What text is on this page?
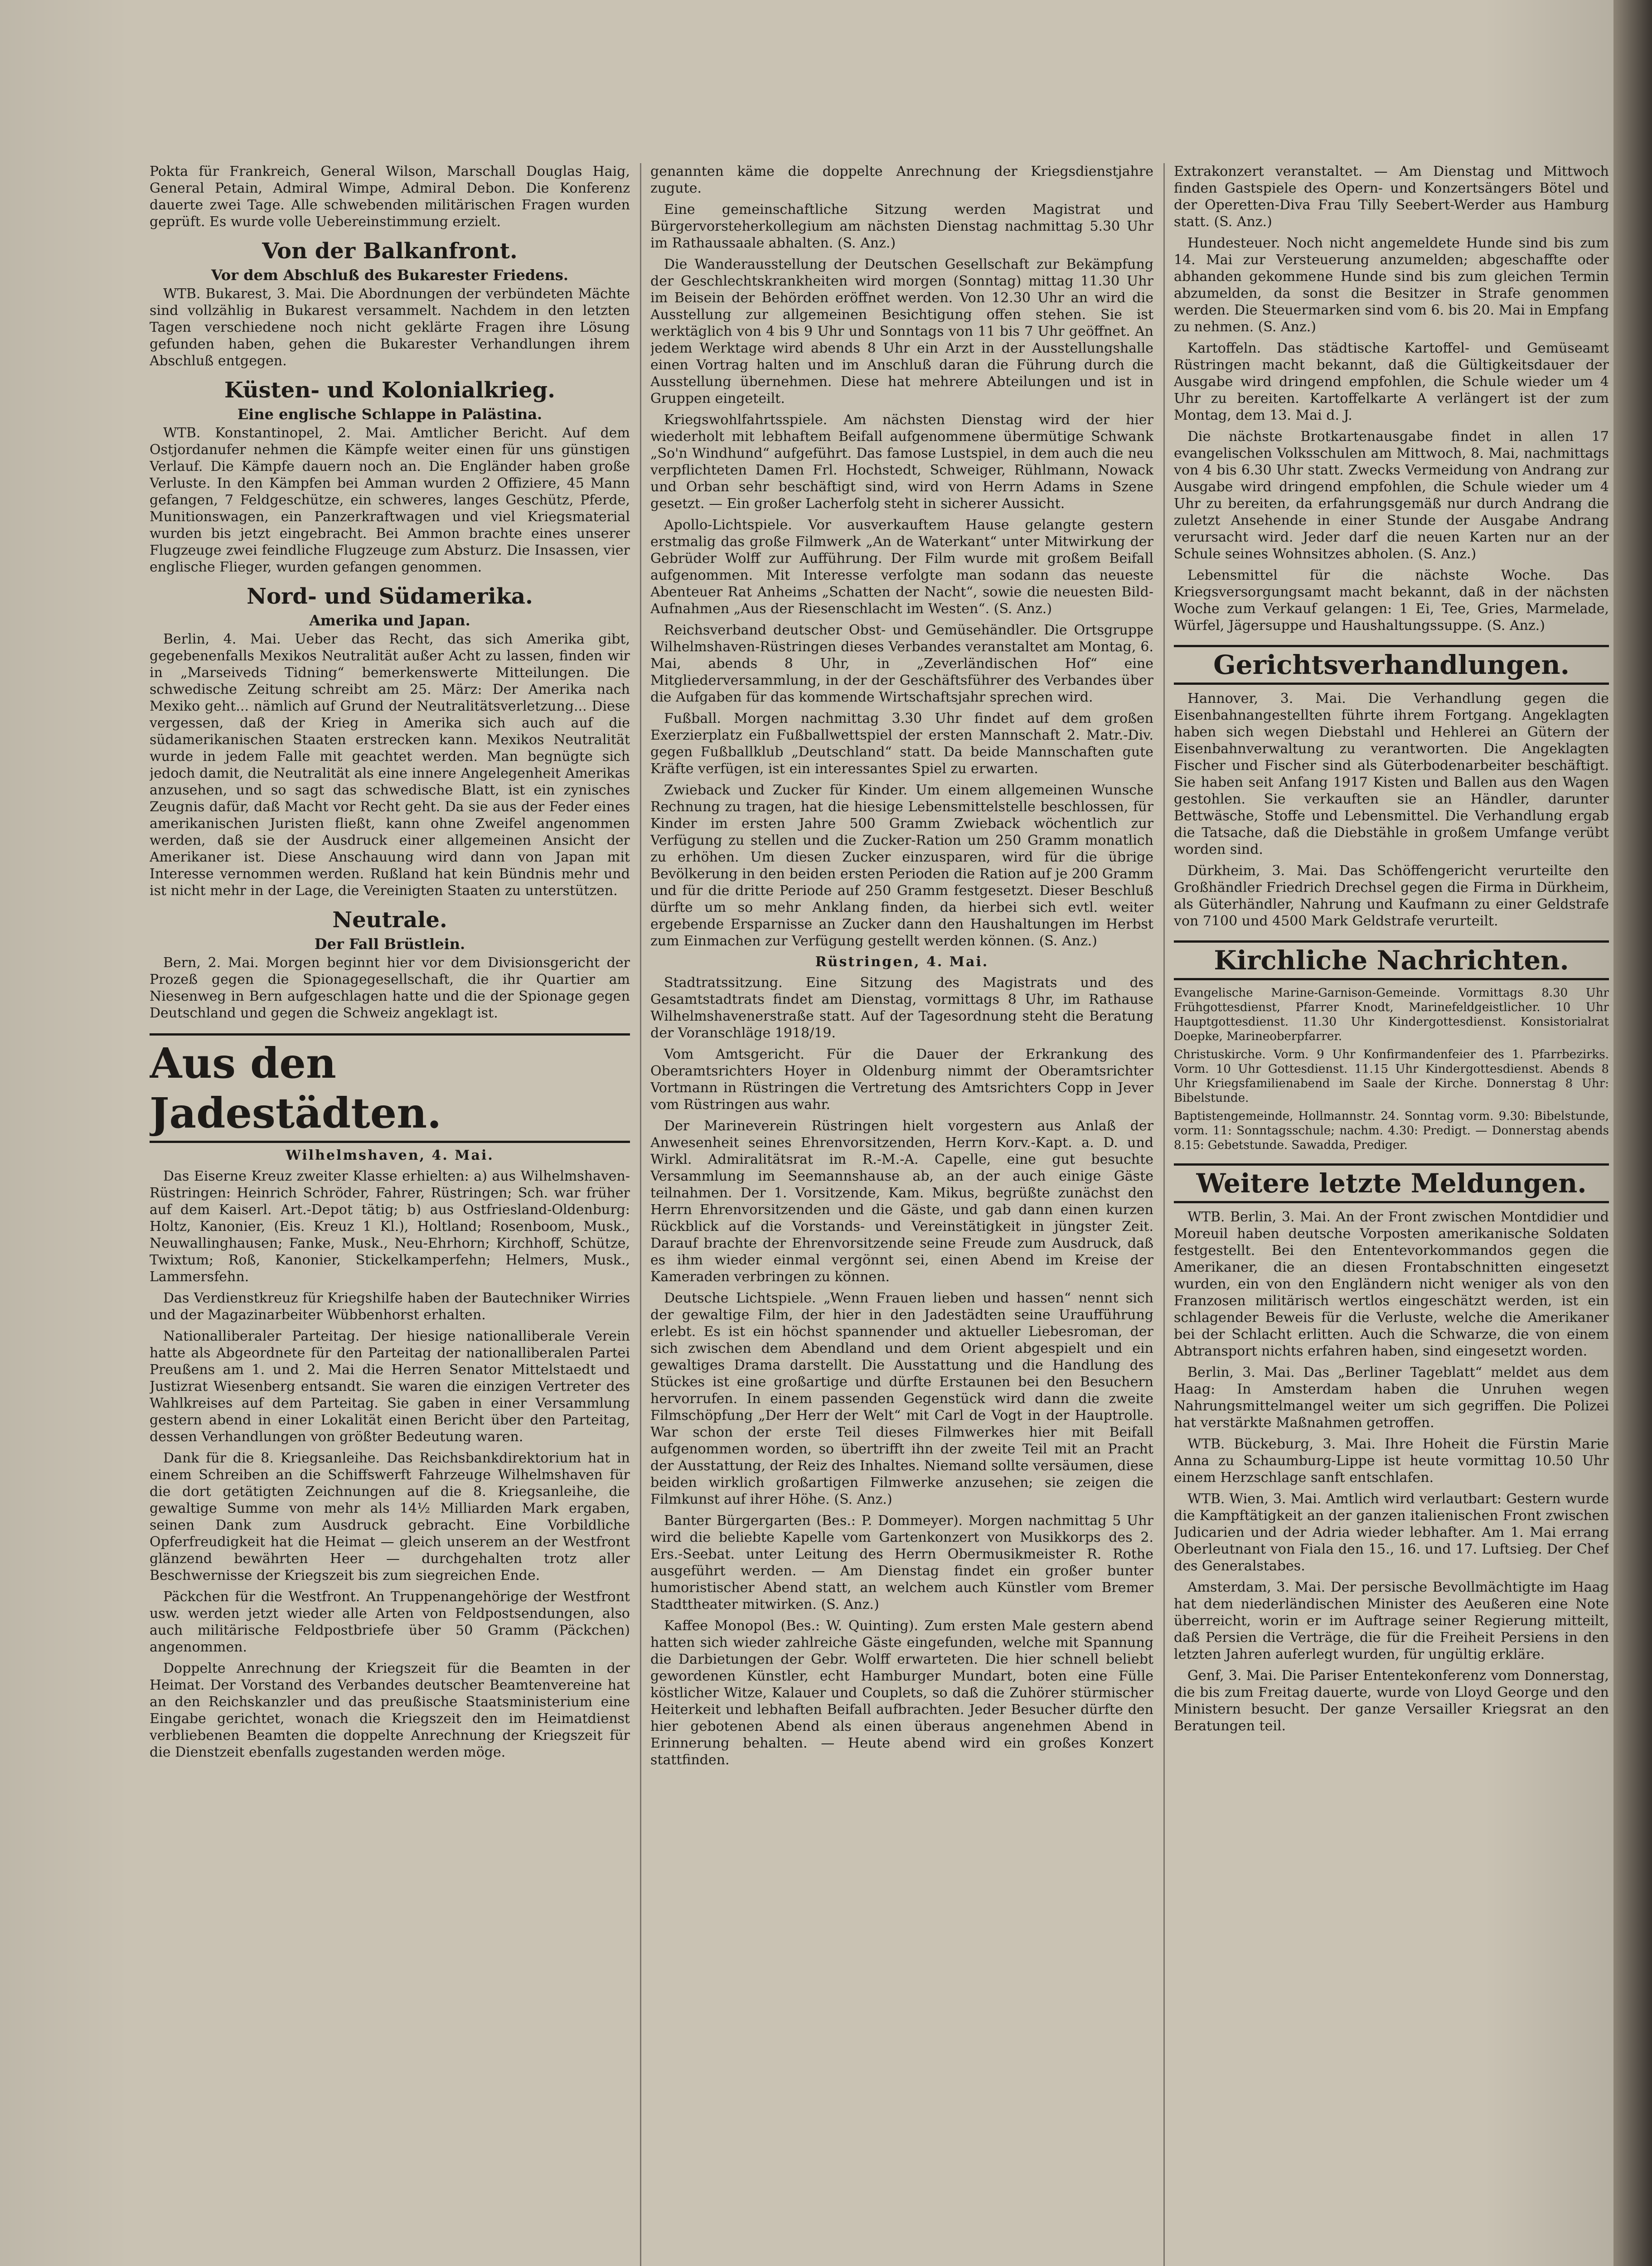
Pokta für Frankreich, General Wilson, Marschall Douglas Haig, General Petain, Admiral Wimpe, Admiral Debon. Die Konferenz dauerte zwei Tage. Alle schwebenden militärischen Fragen wurden geprüft. Es wurde volle Uebereinstimmung erzielt.

Von der Balkanfront.
Vor dem Abschluß des Bukarester Friedens.

WTB. Bukarest, 3. Mai. Die Abordnungen der verbündeten Mächte sind vollzählig in Bukarest versammelt. Nachdem in den letzten Tagen verschiedene noch nicht geklärte Fragen ihre Lösung gefunden haben, gehen die Bukarester Verhandlungen ihrem Abschluß entgegen.

Küsten- und Kolonialkrieg.
Eine englische Schlappe in Palästina.

WTB. Konstantinopel, 2. Mai. Amtlicher Bericht. Auf dem Ostjordanufer nehmen die Kämpfe weiter einen für uns günstigen Verlauf. Die Kämpfe dauern noch an. Die Engländer haben große Verluste. In den Kämpfen bei Amman wurden 2 Offiziere, 45 Mann gefangen, 7 Feldgeschütze, ein schweres, langes Geschütz, Pferde, Munitionswagen, ein Panzerkraftwagen und viel Kriegsmaterial wurden bis jetzt eingebracht. Bei Ammon brachte eines unserer Flugzeuge zwei feindliche Flugzeuge zum Absturz. Die Insassen, vier englische Flieger, wurden gefangen genommen.

Nord- und Südamerika.
Amerika und Japan.

Berlin, 4. Mai. Ueber das Recht, das sich Amerika gibt, gegebenenfalls Mexikos Neutralität außer Acht zu lassen, finden wir in „Marseiveds Tidning“ bemerkenswerte Mitteilungen. Die schwedische Zeitung schreibt am 25. März: Der Amerika nach Mexiko geht... nämlich auf Grund der Neutralitätsverletzung... Diese vergessen, daß der Krieg in Amerika sich auch auf die südamerikanischen Staaten erstrecken kann. Mexikos Neutralität wurde in jedem Falle mit geachtet werden. Man begnügte sich jedoch damit, die Neutralität als eine innere Angelegenheit Amerikas anzusehen, und so sagt das schwedische Blatt, ist ein zynisches Zeugnis dafür, daß Macht vor Recht geht. Da sie aus der Feder eines amerikanischen Juristen fließt, kann ohne Zweifel angenommen werden, daß sie der Ausdruck einer allgemeinen Ansicht der Amerikaner ist. Diese Anschauung wird dann von Japan mit Interesse vernommen werden. Rußland hat kein Bündnis mehr und ist nicht mehr in der Lage, die Vereinigten Staaten zu unterstützen.

Neutrale.
Der Fall Brüstlein.

Bern, 2. Mai. Morgen beginnt hier vor dem Divisionsgericht der Prozeß gegen die Spionagegesellschaft, die ihr Quartier am Niesenweg in Bern aufgeschlagen hatte und die der Spionage gegen Deutschland und gegen die Schweiz angeklagt ist.

Aus den Jadestädten.
Wilhelmshaven, 4. Mai.

Das Eiserne Kreuz zweiter Klasse erhielten: a) aus Wilhelmshaven-Rüstringen: Heinrich Schröder, Fahrer, Rüstringen; Sch. war früher auf dem Kaiserl. Art.-Depot tätig; b) aus Ostfriesland-Oldenburg: Holtz, Kanonier, (Eis. Kreuz 1 Kl.), Holtland; Rosenboom, Musk., Neuwallinghausen; Fanke, Musk., Neu-Ehrhorn; Kirchhoff, Schütze, Twixtum; Roß, Kanonier, Stickelkamperfehn; Helmers, Musk., Lammersfehn.

Das Verdienstkreuz für Kriegshilfe haben der Bautechniker Wirries und der Magazinarbeiter Wübbenhorst erhalten.

Nationalliberaler Parteitag. Der hiesige nationalliberale Verein hatte als Abgeordnete für den Parteitag der nationalliberalen Partei Preußens am 1. und 2. Mai die Herren Senator Mittelstaedt und Justizrat Wiesenberg entsandt. Sie waren die einzigen Vertreter des Wahlkreises auf dem Parteitag. Sie gaben in einer Versammlung gestern abend in einer Lokalität einen Bericht über den Parteitag, dessen Verhandlungen von größter Bedeutung waren.

Dank für die 8. Kriegsanleihe. Das Reichsbankdirektorium hat in einem Schreiben an die Schiffswerft Fahrzeuge Wilhelmshaven für die dort getätigten Zeichnungen auf die 8. Kriegsanleihe, die gewaltige Summe von mehr als 14½ Milliarden Mark ergaben, seinen Dank zum Ausdruck gebracht. Eine Vorbildliche Opferfreudigkeit hat die Heimat — gleich unserem an der Westfront glänzend bewährten Heer — durchgehalten trotz aller Beschwernisse der Kriegszeit bis zum siegreichen Ende.

Päckchen für die Westfront. An Truppenangehörige der Westfront usw. werden jetzt wieder alle Arten von Feldpostsendungen, also auch militärische Feldpostbriefe über 50 Gramm (Päckchen) angenommen.

Doppelte Anrechnung der Kriegszeit für die Beamten in der Heimat. Der Vorstand des Verbandes deutscher Beamtenvereine hat an den Reichskanzler und das preußische Staatsministerium eine Eingabe gerichtet, wonach die Kriegszeit den im Heimatdienst verbliebenen Beamten die doppelte Anrechnung der Kriegszeit für die Dienstzeit ebenfalls zugestanden werden möge.

genannten käme die doppelte Anrechnung der Kriegsdienstjahre zugute.

Eine gemeinschaftliche Sitzung werden Magistrat und Bürgervorsteherkollegium am nächsten Dienstag nachmittag 5.30 Uhr im Rathaussaale abhalten. (S. Anz.)

Die Wanderausstellung der Deutschen Gesellschaft zur Bekämpfung der Geschlechtskrankheiten wird morgen (Sonntag) mittag 11.30 Uhr im Beisein der Behörden eröffnet werden. Von 12.30 Uhr an wird die Ausstellung zur allgemeinen Besichtigung offen stehen. Sie ist werktäglich von 4 bis 9 Uhr und Sonntags von 11 bis 7 Uhr geöffnet. An jedem Werktage wird abends 8 Uhr ein Arzt in der Ausstellungshalle einen Vortrag halten und im Anschluß daran die Führung durch die Ausstellung übernehmen. Diese hat mehrere Abteilungen und ist in Gruppen eingeteilt.

Kriegswohlfahrtsspiele. Am nächsten Dienstag wird der hier wiederholt mit lebhaftem Beifall aufgenommene übermütige Schwank „So'n Windhund“ aufgeführt. Das famose Lustspiel, in dem auch die neu verpflichteten Damen Frl. Hochstedt, Schweiger, Rühlmann, Nowack und Orban sehr beschäftigt sind, wird von Herrn Adams in Szene gesetzt. — Ein großer Lacherfolg steht in sicherer Aussicht.

Apollo-Lichtspiele. Vor ausverkauftem Hause gelangte gestern erstmalig das große Filmwerk „An de Waterkant“ unter Mitwirkung der Gebrüder Wolff zur Aufführung. Der Film wurde mit großem Beifall aufgenommen. Mit Interesse verfolgte man sodann das neueste Abenteuer Rat Anheims „Schatten der Nacht“, sowie die neuesten Bild-Aufnahmen „Aus der Riesenschlacht im Westen“. (S. Anz.)

Reichsverband deutscher Obst- und Gemüsehändler. Die Ortsgruppe Wilhelmshaven-Rüstringen dieses Verbandes veranstaltet am Montag, 6. Mai, abends 8 Uhr, in „Zeverländischen Hof“ eine Mitgliederversammlung, in der der Geschäftsführer des Verbandes über die Aufgaben für das kommende Wirtschaftsjahr sprechen wird.

Fußball. Morgen nachmittag 3.30 Uhr findet auf dem großen Exerzierplatz ein Fußballwettspiel der ersten Mannschaft 2. Matr.-Div. gegen Fußballklub „Deutschland“ statt. Da beide Mannschaften gute Kräfte verfügen, ist ein interessantes Spiel zu erwarten.

Zwieback und Zucker für Kinder. Um einem allgemeinen Wunsche Rechnung zu tragen, hat die hiesige Lebensmittelstelle beschlossen, für Kinder im ersten Jahre 500 Gramm Zwieback wöchentlich zur Verfügung zu stellen und die Zucker-Ration um 250 Gramm monatlich zu erhöhen. Um diesen Zucker einzusparen, wird für die übrige Bevölkerung in den beiden ersten Perioden die Ration auf je 200 Gramm und für die dritte Periode auf 250 Gramm festgesetzt. Dieser Beschluß dürfte um so mehr Anklang finden, da hierbei sich evtl. weiter ergebende Ersparnisse an Zucker dann den Haushaltungen im Herbst zum Einmachen zur Verfügung gestellt werden können. (S. Anz.)

Rüstringen, 4. Mai.

Stadtratssitzung. Eine Sitzung des Magistrats und des Gesamtstadtrats findet am Dienstag, vormittags 8 Uhr, im Rathause Wilhelmshavenerstraße statt. Auf der Tagesordnung steht die Beratung der Voranschläge 1918/19.

Vom Amtsgericht. Für die Dauer der Erkrankung des Oberamtsrichters Hoyer in Oldenburg nimmt der Oberamtsrichter Vortmann in Rüstringen die Vertretung des Amtsrichters Copp in Jever vom Rüstringen aus wahr.

Der Marineverein Rüstringen hielt vorgestern aus Anlaß der Anwesenheit seines Ehrenvorsitzenden, Herrn Korv.-Kapt. a. D. und Wirkl. Admiralitätsrat im R.-M.-A. Capelle, eine gut besuchte Versammlung im Seemannshause ab, an der auch einige Gäste teilnahmen. Der 1. Vorsitzende, Kam. Mikus, begrüßte zunächst den Herrn Ehrenvorsitzenden und die Gäste, und gab dann einen kurzen Rückblick auf die Vorstands- und Vereinstätigkeit in jüngster Zeit. Darauf brachte der Ehrenvorsitzende seine Freude zum Ausdruck, daß es ihm wieder einmal vergönnt sei, einen Abend im Kreise der Kameraden verbringen zu können.

Deutsche Lichtspiele. „Wenn Frauen lieben und hassen“ nennt sich der gewaltige Film, der hier in den Jadestädten seine Uraufführung erlebt. Es ist ein höchst spannender und aktueller Liebesroman, der sich zwischen dem Abendland und dem Orient abgespielt und ein gewaltiges Drama darstellt. Die Ausstattung und die Handlung des Stückes ist eine großartige und dürfte Erstaunen bei den Besuchern hervorrufen. In einem passenden Gegenstück wird dann die zweite Filmschöpfung „Der Herr der Welt“ mit Carl de Vogt in der Hauptrolle. War schon der erste Teil dieses Filmwerkes hier mit Beifall aufgenommen worden, so übertrifft ihn der zweite Teil mit an Pracht der Ausstattung, der Reiz des Inhaltes. Niemand sollte versäumen, diese beiden wirklich großartigen Filmwerke anzusehen; sie zeigen die Filmkunst auf ihrer Höhe. (S. Anz.)

Banter Bürgergarten (Bes.: P. Dommeyer). Morgen nachmittag 5 Uhr wird die beliebte Kapelle vom Gartenkonzert von Musikkorps des 2. Ers.-Seebat. unter Leitung des Herrn Obermusikmeister R. Rothe ausgeführt werden. — Am Dienstag findet ein großer bunter humoristischer Abend statt, an welchem auch Künstler vom Bremer Stadttheater mitwirken. (S. Anz.)

Kaffee Monopol (Bes.: W. Quinting). Zum ersten Male gestern abend hatten sich wieder zahlreiche Gäste eingefunden, welche mit Spannung die Darbietungen der Gebr. Wolff erwarteten. Die hier schnell beliebt gewordenen Künstler, echt Hamburger Mundart, boten eine Fülle köstlicher Witze, Kalauer und Couplets, so daß die Zuhörer stürmischer Heiterkeit und lebhaften Beifall aufbrachten. Jeder Besucher dürfte den hier gebotenen Abend als einen überaus angenehmen Abend in Erinnerung behalten. — Heute abend wird ein großes Konzert stattfinden.

Extrakonzert veranstaltet. — Am Dienstag und Mittwoch finden Gastspiele des Opern- und Konzertsängers Bötel und der Operetten-Diva Frau Tilly Seebert-Werder aus Hamburg statt. (S. Anz.)

Hundesteuer. Noch nicht angemeldete Hunde sind bis zum 14. Mai zur Versteuerung anzumelden; abgeschaffte oder abhanden gekommene Hunde sind bis zum gleichen Termin abzumelden, da sonst die Besitzer in Strafe genommen werden. Die Steuermarken sind vom 6. bis 20. Mai in Empfang zu nehmen. (S. Anz.)

Kartoffeln. Das städtische Kartoffel- und Gemüseamt Rüstringen macht bekannt, daß die Gültigkeitsdauer der Ausgabe wird dringend empfohlen, die Schule wieder um 4 Uhr zu bereiten. Kartoffelkarte A verlängert ist der zum Montag, dem 13. Mai d. J.

Die nächste Brotkartenausgabe findet in allen 17 evangelischen Volksschulen am Mittwoch, 8. Mai, nachmittags von 4 bis 6.30 Uhr statt. Zwecks Vermeidung von Andrang zur Ausgabe wird dringend empfohlen, die Schule wieder um 4 Uhr zu bereiten, da erfahrungsgemäß nur durch Andrang die zuletzt Ansehende in einer Stunde der Ausgabe Andrang verursacht wird. Jeder darf die neuen Karten nur an der Schule seines Wohnsitzes abholen. (S. Anz.)

Lebensmittel für die nächste Woche. Das Kriegsversorgungsamt macht bekannt, daß in der nächsten Woche zum Verkauf gelangen: 1 Ei, Tee, Gries, Marmelade, Würfel, Jägersuppe und Haushaltungssuppe. (S. Anz.)

Gerichtsverhandlungen.

Hannover, 3. Mai. Die Verhandlung gegen die Eisenbahnangestellten führte ihrem Fortgang. Angeklagten haben sich wegen Diebstahl und Hehlerei an Gütern der Eisenbahnverwaltung zu verantworten. Die Angeklagten Fischer und Fischer sind als Güterbodenarbeiter beschäftigt. Sie haben seit Anfang 1917 Kisten und Ballen aus den Wagen gestohlen. Sie verkauften sie an Händler, darunter Bettwäsche, Stoffe und Lebensmittel. Die Verhandlung ergab die Tatsache, daß die Diebstähle in großem Umfange verübt worden sind.

Dürkheim, 3. Mai. Das Schöffengericht verurteilte den Großhändler Friedrich Drechsel gegen die Firma in Dürkheim, als Güterhändler, Nahrung und Kaufmann zu einer Geldstrafe von 7100 und 4500 Mark Geldstrafe verurteilt.

Kirchliche Nachrichten.

Evangelische Marine-Garnison-Gemeinde. Vormittags 8.30 Uhr Frühgottesdienst, Pfarrer Knodt, Marinefeldgeistlicher. 10 Uhr Hauptgottesdienst. 11.30 Uhr Kindergottesdienst. Konsistorialrat Doepke, Marineoberpfarrer.

Christuskirche. Vorm. 9 Uhr Konfirmandenfeier des 1. Pfarrbezirks. Vorm. 10 Uhr Gottesdienst. 11.15 Uhr Kindergottesdienst. Abends 8 Uhr Kriegsfamilienabend im Saale der Kirche. Donnerstag 8 Uhr: Bibelstunde.

Baptistengemeinde, Hollmannstr. 24. Sonntag vorm. 9.30: Bibelstunde, vorm. 11: Sonntagsschule; nachm. 4.30: Predigt. — Donnerstag abends 8.15: Gebetstunde. Sawadda, Prediger.

Weitere letzte Meldungen.

WTB. Berlin, 3. Mai. An der Front zwischen Montdidier und Moreuil haben deutsche Vorposten amerikanische Soldaten festgestellt. Bei den Ententevorkommandos gegen die Amerikaner, die an diesen Frontabschnitten eingesetzt wurden, ein von den Engländern nicht weniger als von den Franzosen militärisch wertlos eingeschätzt werden, ist ein schlagender Beweis für die Verluste, welche die Amerikaner bei der Schlacht erlitten. Auch die Schwarze, die von einem Abtransport nichts erfahren haben, sind eingesetzt worden.

Berlin, 3. Mai. Das „Berliner Tageblatt“ meldet aus dem Haag: In Amsterdam haben die Unruhen wegen Nahrungsmittelmangel weiter um sich gegriffen. Die Polizei hat verstärkte Maßnahmen getroffen.

WTB. Bückeburg, 3. Mai. Ihre Hoheit die Fürstin Marie Anna zu Schaumburg-Lippe ist heute vormittag 10.50 Uhr einem Herzschlage sanft entschlafen.

WTB. Wien, 3. Mai. Amtlich wird verlautbart: Gestern wurde die Kampftätigkeit an der ganzen italienischen Front zwischen Judicarien und der Adria wieder lebhafter. Am 1. Mai errang Oberleutnant von Fiala den 15., 16. und 17. Luftsieg. Der Chef des Generalstabes.

Amsterdam, 3. Mai. Der persische Bevollmächtigte im Haag hat dem niederländischen Minister des Aeußeren eine Note überreicht, worin er im Auftrage seiner Regierung mitteilt, daß Persien die Verträge, die für die Freiheit Persiens in den letzten Jahren auferlegt wurden, für ungültig erkläre.

Genf, 3. Mai. Die Pariser Ententekonferenz vom Donnerstag, die bis zum Freitag dauerte, wurde von Lloyd George und den Ministern besucht. Der ganze Versailler Kriegsrat an den Beratungen teil.
